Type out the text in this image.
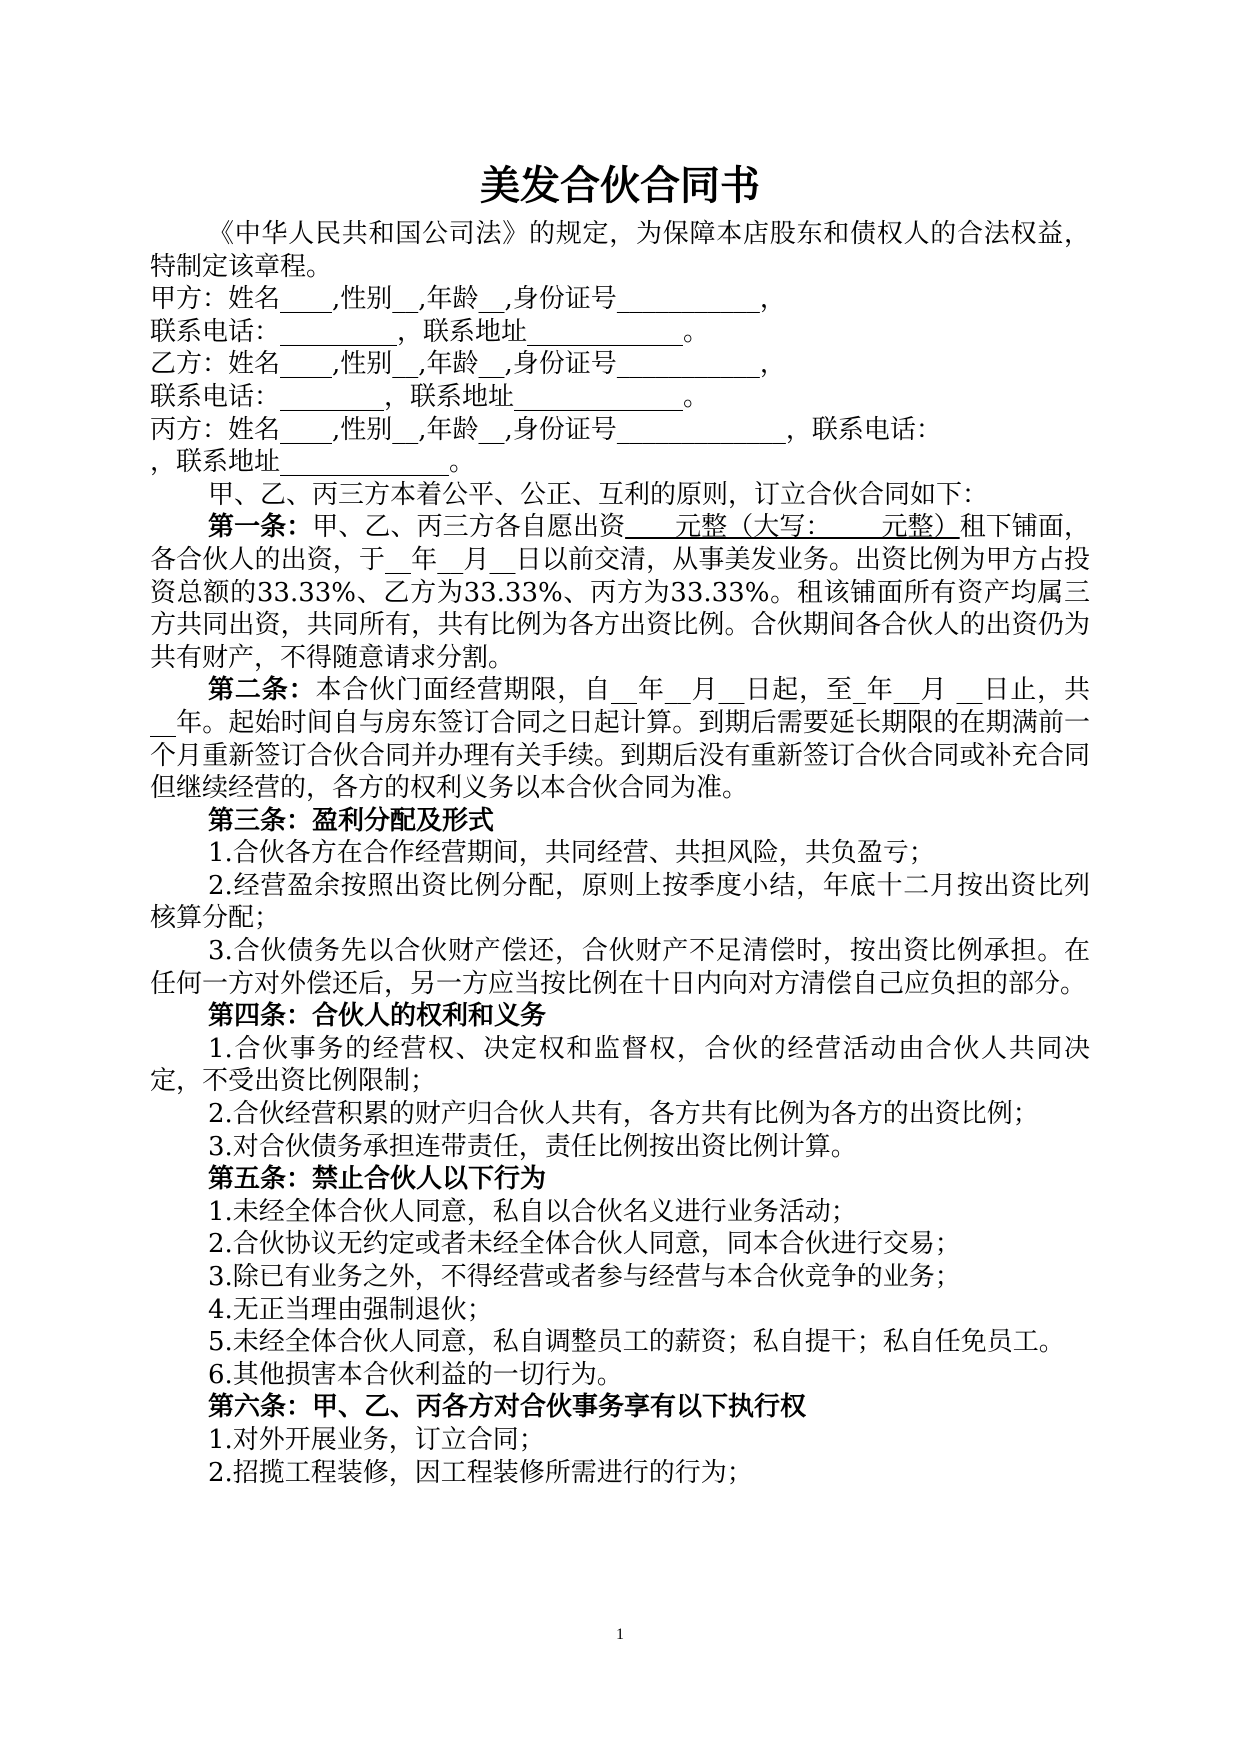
美发合伙合同书

《中华人民共和国公司法》的规定，为保障本店股东和债权人的合法权益，特制定该章程。

甲方：姓名____,性别__,年龄__,身份证号___________，

联系电话：_________，联系地址____________。

乙方：姓名____,性别__,年龄__,身份证号___________，

联系电话：________，联系地址_____________。

丙方：姓名____,性别__,年龄__,身份证号_____________，联系电话：

，联系地址_____________。

甲、乙、丙三方本着公平、公正、互利的原则，订立合伙合同如下：

第一条：甲、乙、丙三方各自愿出资      元整（大写：      元整）租下铺面，各合伙人的出资，于__年__月__日以前交清，从事美发业务。出资比例为甲方占投资总额的33.33%、乙方为33.33%、丙方为33.33%。租该铺面所有资产均属三方共同出资，共同所有，共有比例为各方出资比例。合伙期间各合伙人的出资仍为共有财产，不得随意请求分割。

第二条：本合伙门面经营期限，自__年__月__日起，至_年__月 __日止，共 __年。起始时间自与房东签订合同之日起计算。到期后需要延长期限的在期满前一个月重新签订合伙合同并办理有关手续。到期后没有重新签订合伙合同或补充合同但继续经营的，各方的权利义务以本合伙合同为准。

第三条：盈利分配及形式

1.合伙各方在合作经营期间，共同经营、共担风险，共负盈亏；

2.经营盈余按照出资比例分配，原则上按季度小结，年底十二月按出资比列核算分配；

3.合伙债务先以合伙财产偿还，合伙财产不足清偿时，按出资比例承担。在任何一方对外偿还后，另一方应当按比例在十日内向对方清偿自己应负担的部分。

第四条：合伙人的权利和义务

1.合伙事务的经营权、决定权和监督权，合伙的经营活动由合伙人共同决定，不受出资比例限制；

2.合伙经营积累的财产归合伙人共有，各方共有比例为各方的出资比例；

3.对合伙债务承担连带责任，责任比例按出资比例计算。

第五条：禁止合伙人以下行为

1.未经全体合伙人同意，私自以合伙名义进行业务活动；

2.合伙协议无约定或者未经全体合伙人同意，同本合伙进行交易；

3.除已有业务之外，不得经营或者参与经营与本合伙竞争的业务；

4.无正当理由强制退伙；

5.未经全体合伙人同意，私自调整员工的薪资；私自提干；私自任免员工。

6.其他损害本合伙利益的一切行为。

第六条：甲、乙、丙各方对合伙事务享有以下执行权

1.对外开展业务，订立合同；

2.招揽工程装修，因工程装修所需进行的行为；

1
